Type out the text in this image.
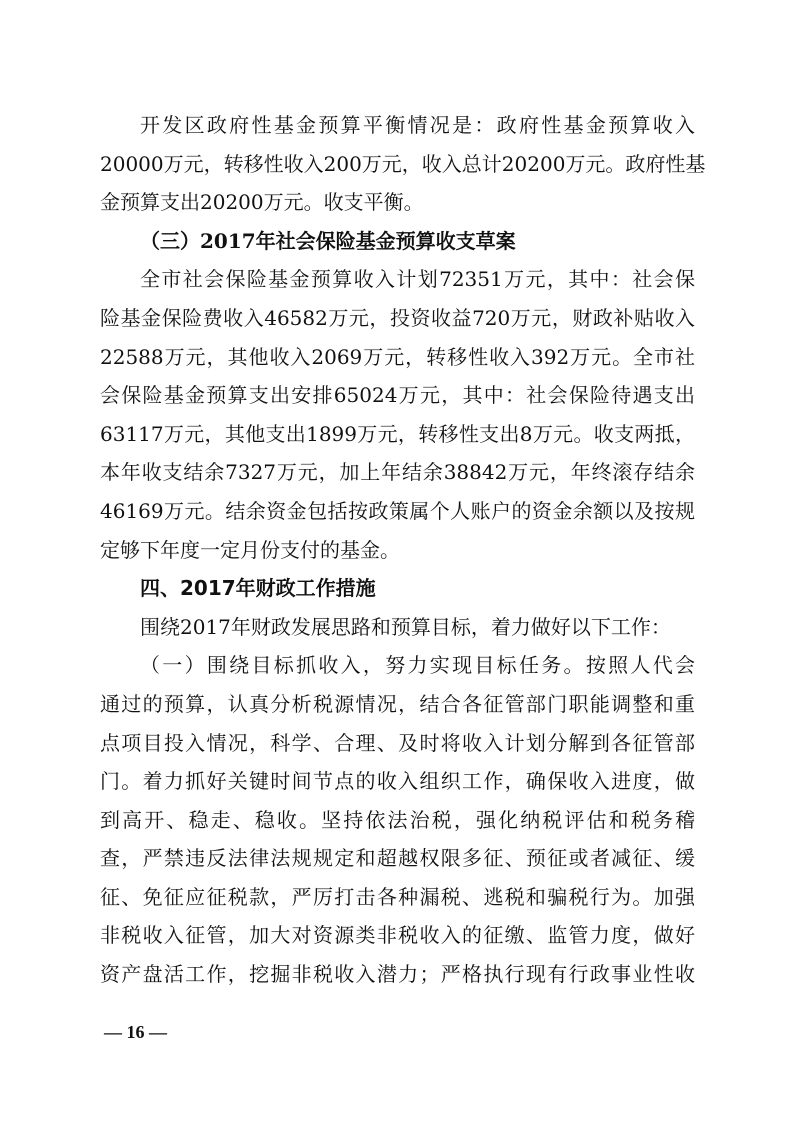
开发区政府性基金预算平衡情况是：政府性基金预算收入
20000万元，转移性收入200万元，收入总计20200万元。政府性基
金预算支出20200万元。收支平衡。
（三）2017年社会保险基金预算收支草案
全市社会保险基金预算收入计划72351万元，其中：社会保
险基金保险费收入46582万元，投资收益720万元，财政补贴收入
22588万元，其他收入2069万元，转移性收入392万元。全市社
会保险基金预算支出安排65024万元，其中：社会保险待遇支出
63117万元，其他支出1899万元，转移性支出8万元。收支两抵，
本年收支结余7327万元，加上年结余38842万元，年终滚存结余
46169万元。结余资金包括按政策属个人账户的资金余额以及按规
定够下年度一定月份支付的基金。
四、2017年财政工作措施
围绕2017年财政发展思路和预算目标，着力做好以下工作：
（一）围绕目标抓收入，努力实现目标任务。按照人代会
通过的预算，认真分析税源情况，结合各征管部门职能调整和重
点项目投入情况，科学、合理、及时将收入计划分解到各征管部
门。着力抓好关键时间节点的收入组织工作，确保收入进度，做
到高开、稳走、稳收。坚持依法治税，强化纳税评估和税务稽
查，严禁违反法律法规规定和超越权限多征、预征或者减征、缓
征、免征应征税款，严厉打击各种漏税、逃税和骗税行为。加强
非税收入征管，加大对资源类非税收入的征缴、监管力度，做好
资产盘活工作，挖掘非税收入潜力；严格执行现有行政事业性收
— 16 —
